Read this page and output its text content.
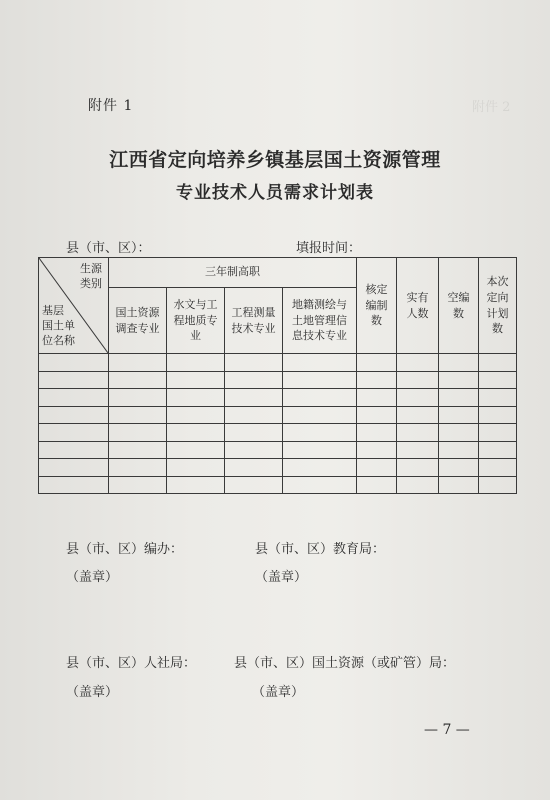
附件 2
附件 1
江西省定向培养乡镇基层国土资源管理
专业技术人员需求计划表
县（市、区）：	填报时间：
生源
类别
基层
国土单
位名称	三年制高职				核定编制数	实有人数	空编数	本次定向计划数
	国土资源调查专业	水文与工程地质专业	工程测量技术专业	地籍测绘与土地管理信息技术专业				

县（市、区）编办：
（盖章）
县（市、区）教育局：
（盖章）
县（市、区）人社局：
（盖章）
县（市、区）国土资源（或矿管）局：
（盖章）
— 7 —
